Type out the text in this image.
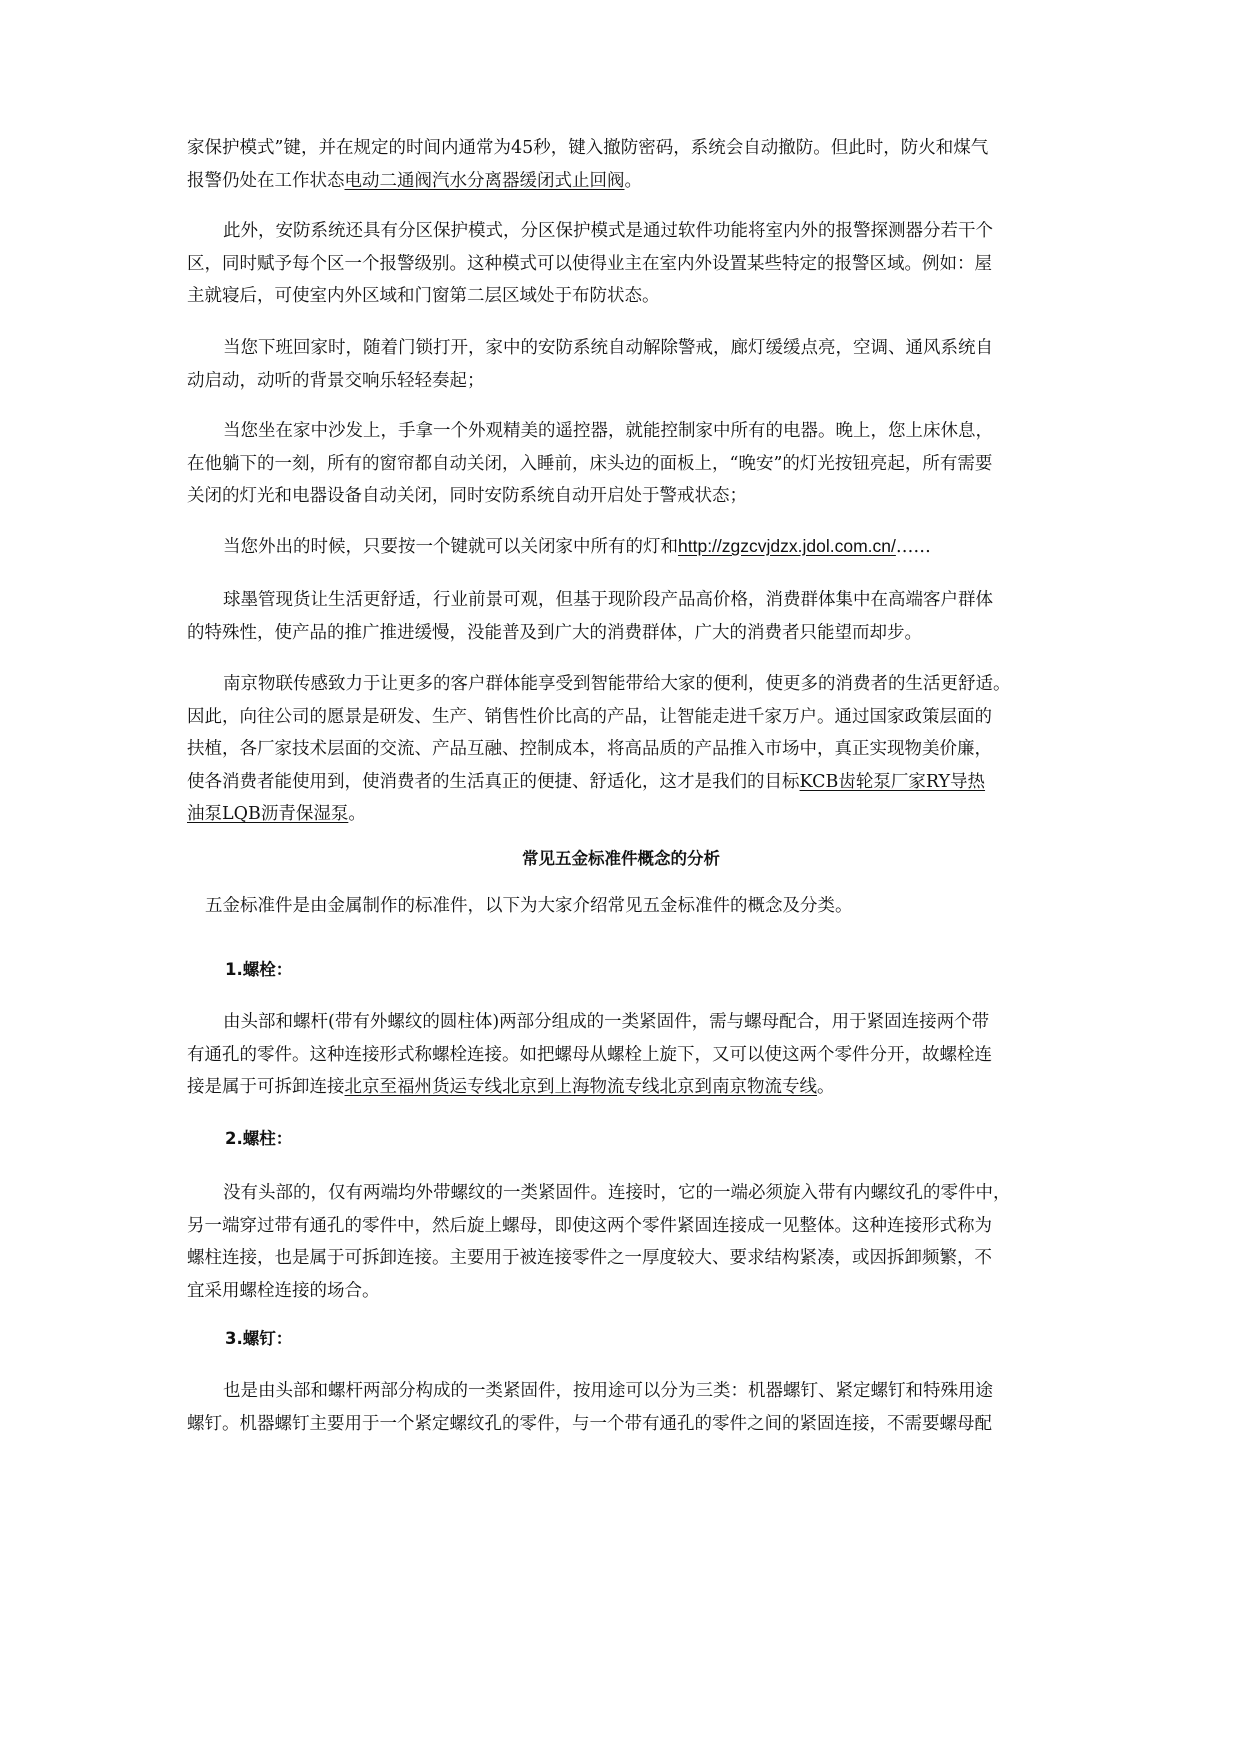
家保护模式”键，并在规定的时间内通常为45秒，键入撤防密码，系统会自动撤防。但此时，防火和煤气
报警仍处在工作状态电动二通阀汽水分离器缓闭式止回阀。

此外，安防系统还具有分区保护模式，分区保护模式是通过软件功能将室内外的报警探测器分若干个
区，同时赋予每个区一个报警级别。这种模式可以使得业主在室内外设置某些特定的报警区域。例如：屋
主就寝后，可使室内外区域和门窗第二层区域处于布防状态。

当您下班回家时，随着门锁打开，家中的安防系统自动解除警戒，廊灯缓缓点亮，空调、通风系统自
动启动，动听的背景交响乐轻轻奏起；

当您坐在家中沙发上，手拿一个外观精美的遥控器，就能控制家中所有的电器。晚上，您上床休息，
在他躺下的一刻，所有的窗帘都自动关闭，入睡前，床头边的面板上，“晚安”的灯光按钮亮起，所有需要
关闭的灯光和电器设备自动关闭，同时安防系统自动开启处于警戒状态；

当您外出的时候，只要按一个键就可以关闭家中所有的灯和http://zgzcvjdzx.jdol.com.cn/……

球墨管现货让生活更舒适，行业前景可观，但基于现阶段产品高价格，消费群体集中在高端客户群体
的特殊性，使产品的推广推进缓慢，没能普及到广大的消费群体，广大的消费者只能望而却步。

南京物联传感致力于让更多的客户群体能享受到智能带给大家的便利，使更多的消费者的生活更舒适。
因此，向往公司的愿景是研发、生产、销售性价比高的产品，让智能走进千家万户。通过国家政策层面的
扶植，各厂家技术层面的交流、产品互融、控制成本，将高品质的产品推入市场中，真正实现物美价廉，
使各消费者能使用到，使消费者的生活真正的便捷、舒适化，这才是我们的目标KCB齿轮泵厂家RY导热
油泵LQB沥青保湿泵。

常见五金标准件概念的分析

五金标准件是由金属制作的标准件，以下为大家介绍常见五金标准件的概念及分类。

1.螺栓：

由头部和螺杆(带有外螺纹的圆柱体)两部分组成的一类紧固件，需与螺母配合，用于紧固连接两个带
有通孔的零件。这种连接形式称螺栓连接。如把螺母从螺栓上旋下，又可以使这两个零件分开，故螺栓连
接是属于可拆卸连接北京至福州货运专线北京到上海物流专线北京到南京物流专线。

2.螺柱：

没有头部的，仅有两端均外带螺纹的一类紧固件。连接时，它的一端必须旋入带有内螺纹孔的零件中，
另一端穿过带有通孔的零件中，然后旋上螺母，即使这两个零件紧固连接成一见整体。这种连接形式称为
螺柱连接，也是属于可拆卸连接。主要用于被连接零件之一厚度较大、要求结构紧凑，或因拆卸频繁，不
宜采用螺栓连接的场合。

3.螺钉：

也是由头部和螺杆两部分构成的一类紧固件，按用途可以分为三类：机器螺钉、紧定螺钉和特殊用途
螺钉。机器螺钉主要用于一个紧定螺纹孔的零件，与一个带有通孔的零件之间的紧固连接，不需要螺母配
